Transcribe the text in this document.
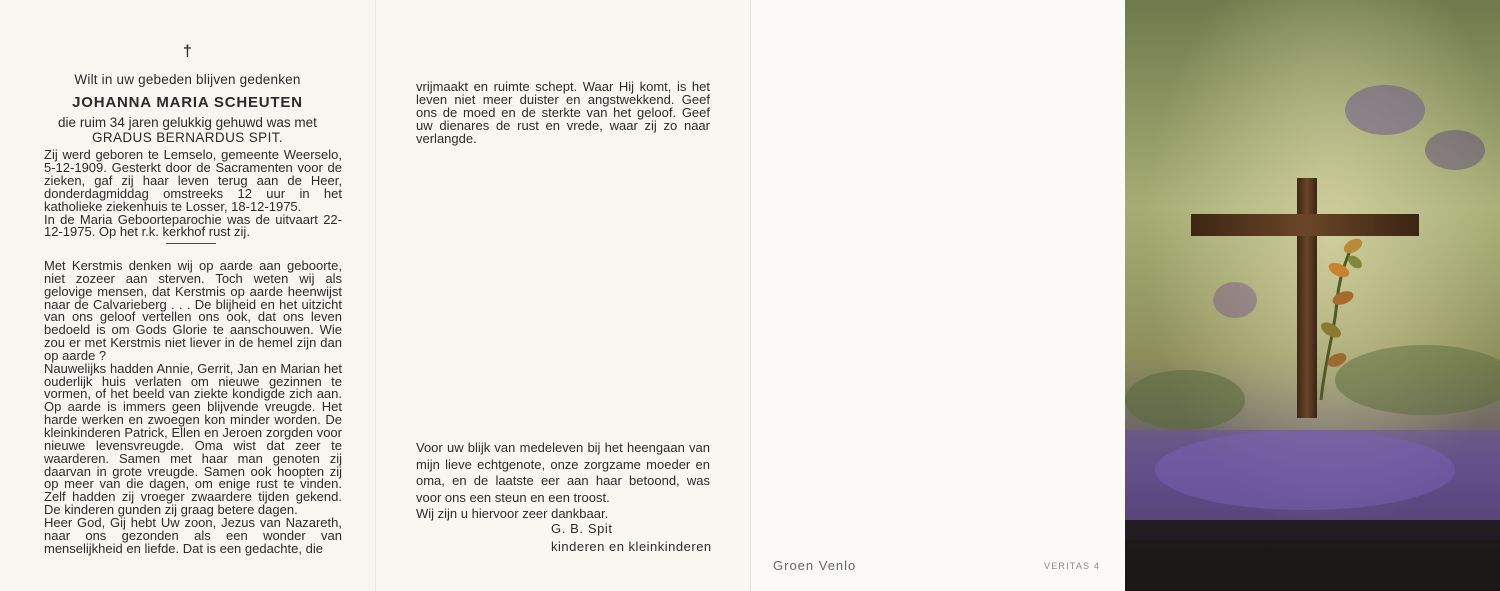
†
Wilt in uw gebeden blijven gedenken
JOHANNA MARIA SCHEUTEN
die ruim 34 jaren gelukkig gehuwd was met
GRADUS BERNARDUS SPIT.

Zij werd geboren te Lemselo, gemeente Weerselo, 5-12-1909. Gesterkt door de Sacramenten voor de zieken, gaf zij haar leven terug aan de Heer, donderdagmiddag omstreeks 12 uur in het katholieke ziekenhuis te Losser, 18-12-1975.

In de Maria Geboorteparochie was de uitvaart 22-12-1975. Op het r.k. kerkhof rust zij.

Met Kerstmis denken wij op aarde aan geboorte, niet zozeer aan sterven. Toch weten wij als gelovige mensen, dat Kerstmis op aarde heenwijst naar de Calvarieberg . . . De blijheid en het uitzicht van ons geloof vertellen ons ook, dat ons leven bedoeld is om Gods Glorie te aanschouwen. Wie zou er met Kerstmis niet liever in de hemel zijn dan op aarde ?

Nauwelijks hadden Annie, Gerrit, Jan en Marian het ouderlijk huis verlaten om nieuwe gezinnen te vormen, of het beeld van ziekte kondigde zich aan. Op aarde is immers geen blijvende vreugde. Het harde werken en zwoegen kon minder worden. De kleinkinderen Patrick, Ellen en Jeroen zorgden voor nieuwe levensvreugde. Oma wist dat zeer te waarderen. Samen met haar man genoten zij daarvan in grote vreugde. Samen ook hoopten zij op meer van die dagen, om enige rust te vinden. Zelf hadden zij vroeger zwaardere tijden gekend. De kinderen gunden zij graag betere dagen.

Heer God, Gij hebt Uw zoon, Jezus van Nazareth, naar ons gezonden als een wonder van menselijkheid en liefde. Dat is een gedachte, die

vrijmaakt en ruimte schept. Waar Hij komt, is het leven niet meer duister en angstwekkend. Geef ons de moed en de sterkte van het geloof. Geef uw dienares de rust en vrede, waar zij zo naar verlangde.

Voor uw blijk van medeleven bij het heengaan van mijn lieve echtgenote, onze zorgzame moeder en oma, en de laatste eer aan haar betoond, was voor ons een steun en een troost.

Wij zijn u hiervoor zeer dankbaar.

G. B. Spit
kinderen en kleinkinderen
Groen Venlo	VERITAS 4
